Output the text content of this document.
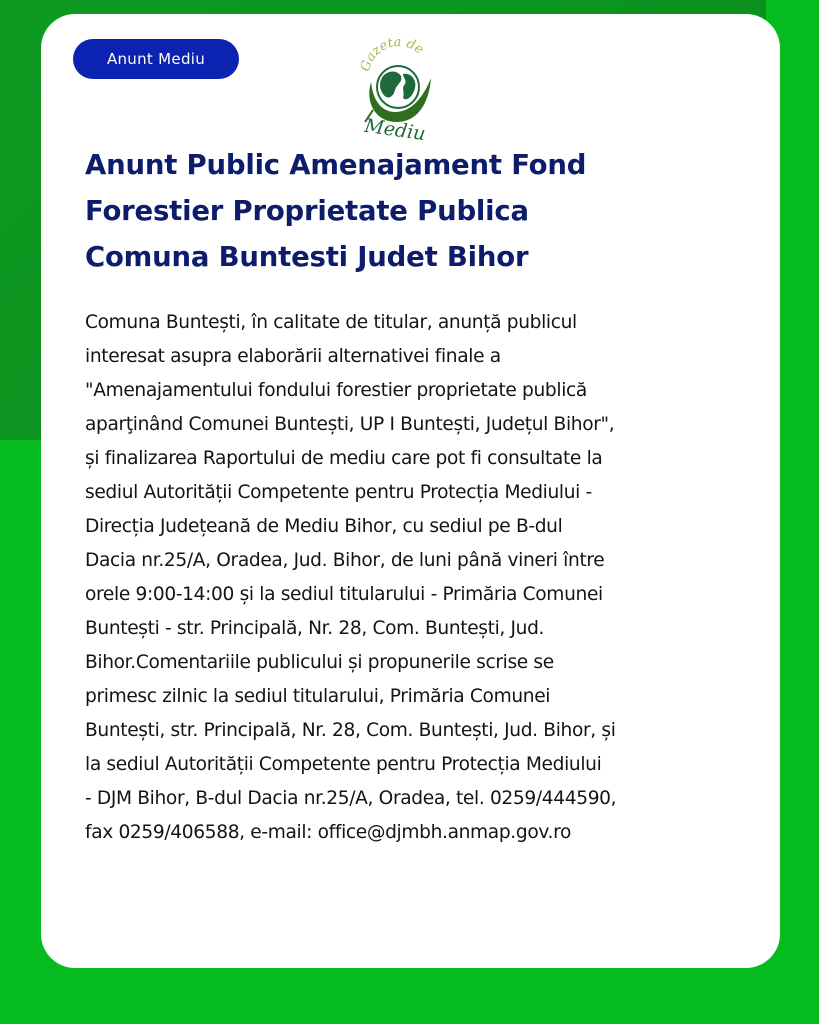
Anunt Mediu	Gazeta de
Mediu
Anunt Public Amenajament Fond
Forestier Proprietate Publica
Comuna Buntesti Judet Bihor

Comuna Buntești, în calitate de titular, anunță publicul
interesat asupra elaborării alternativei finale a
"Amenajamentului fondului forestier proprietate publică
aparţinând Comunei Buntești, UP I Buntești, Județul Bihor",
și finalizarea Raportului de mediu care pot fi consultate la
sediul Autorității Competente pentru Protecția Mediului -
Direcția Județeană de Mediu Bihor, cu sediul pe B-dul
Dacia nr.25/A, Oradea, Jud. Bihor, de luni până vineri între
orele 9:00-14:00 și la sediul titularului - Primăria Comunei
Buntești - str. Principală, Nr. 28, Com. Buntești, Jud.
Bihor.Comentariile publicului și propunerile scrise se
primesc zilnic la sediul titularului, Primăria Comunei
Buntești, str. Principală, Nr. 28, Com. Buntești, Jud. Bihor, și
la sediul Autorității Competente pentru Protecția Mediului
- DJM Bihor, B-dul Dacia nr.25/A, Oradea, tel. 0259/444590,
fax 0259/406588, e-mail: office@djmbh.anmap.gov.ro
